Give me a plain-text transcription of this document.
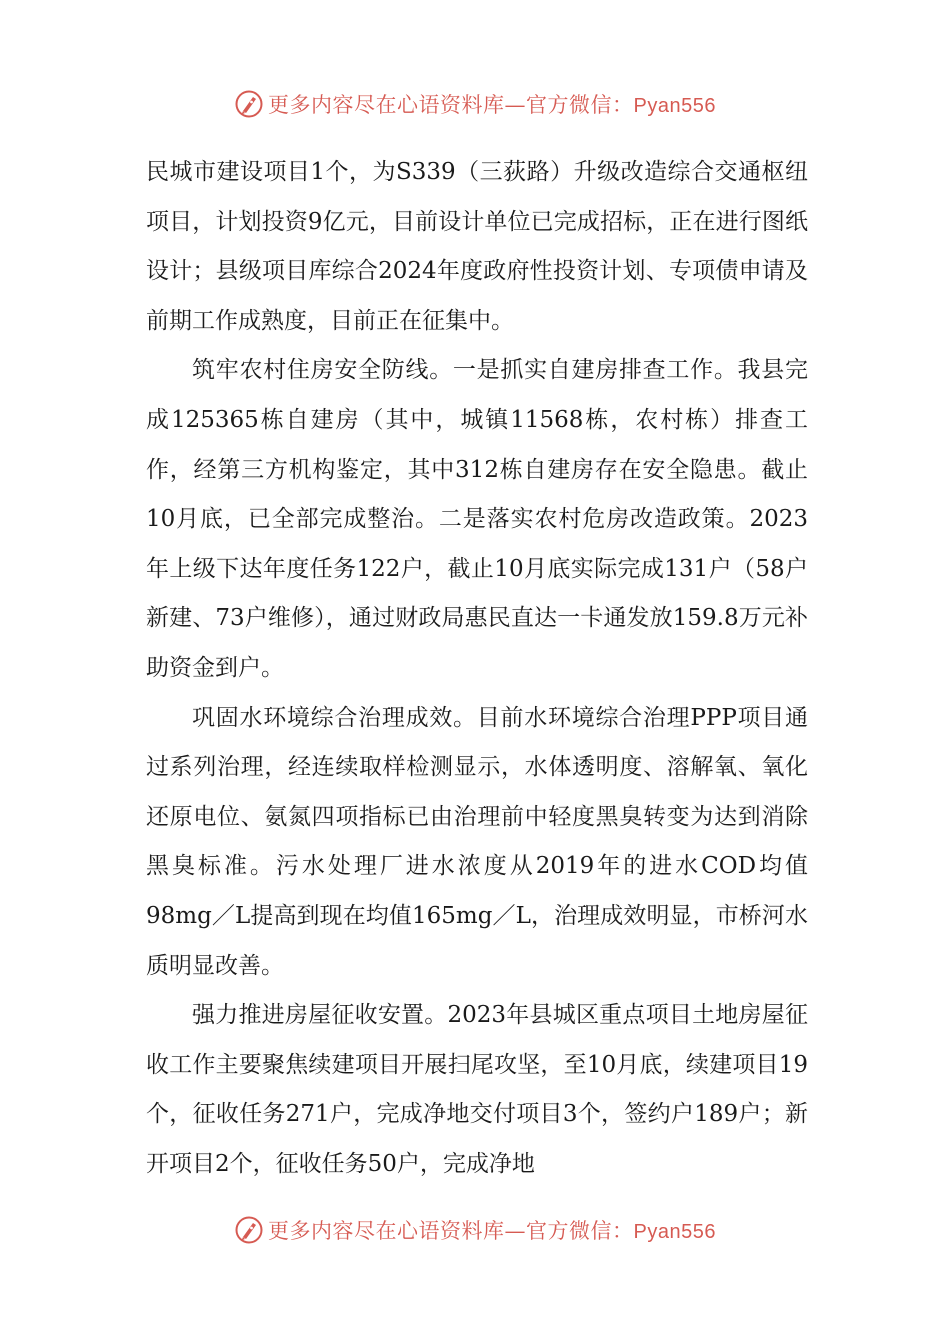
更多内容尽在心语资料库—官方微信：Pyan556

民城市建设项目1个，为S339（三荻路）升级改造综合交通枢纽项目，计划投资9亿元，目前设计单位已完成招标，正在进行图纸设计；县级项目库综合2024年度政府性投资计划、专项债申请及前期工作成熟度，目前正在征集中。

筑牢农村住房安全防线。一是抓实自建房排查工作。我县完成125365栋自建房（其中，城镇11568栋，农村栋）排查工作，经第三方机构鉴定，其中312栋自建房存在安全隐患。截止10月底，已全部完成整治。二是落实农村危房改造政策。2023年上级下达年度任务122户，截止10月底实际完成131户（58户新建、73户维修），通过财政局惠民直达一卡通发放159.8万元补助资金到户。

巩固水环境综合治理成效。目前水环境综合治理PPP项目通过系列治理，经连续取样检测显示，水体透明度、溶解氧、氧化还原电位、氨氮四项指标已由治理前中轻度黑臭转变为达到消除黑臭标准。污水处理厂进水浓度从2019年的进水COD均值98mg／L提高到现在均值165mg／L，治理成效明显，市桥河水质明显改善。

强力推进房屋征收安置。2023年县城区重点项目土地房屋征收工作主要聚焦续建项目开展扫尾攻坚，至10月底，续建项目19个，征收任务271户，完成净地交付项目3个，签约户189户；新开项目2个，征收任务50户，完成净地

更多内容尽在心语资料库—官方微信：Pyan556
